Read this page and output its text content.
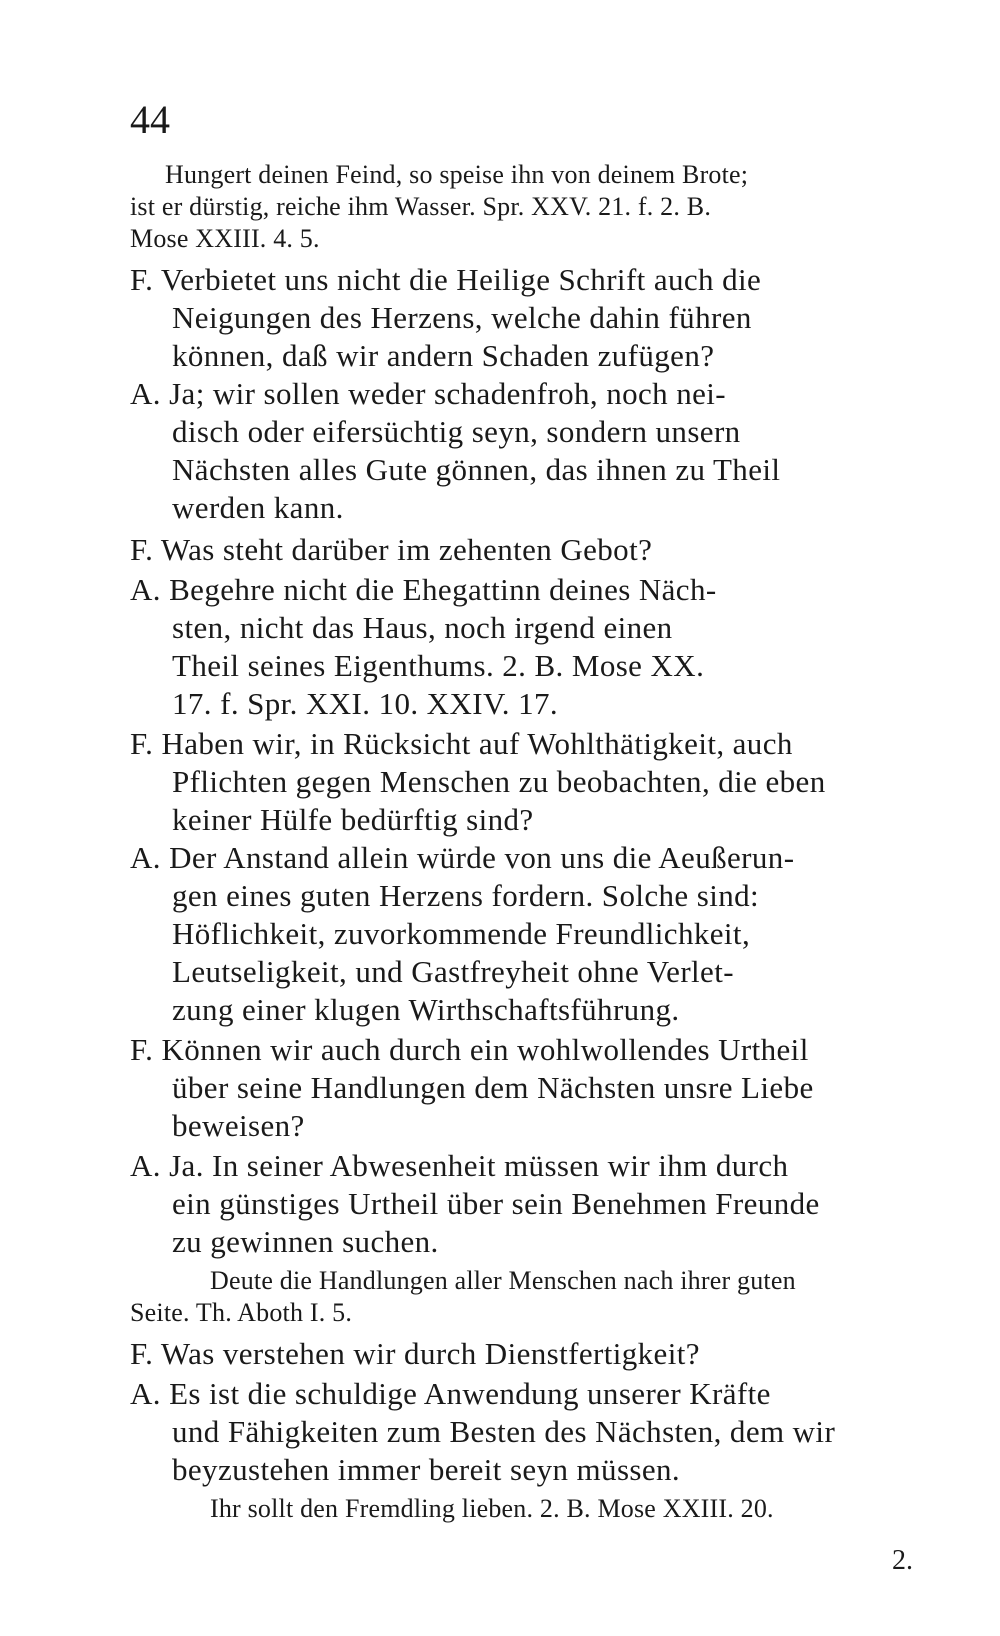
44
Hungert deinen Feind, so speise ihn von deinem Brote;
ist er dürstig, reiche ihm Wasser. Spr. XXV. 21. f. 2. B.
Mose XXIII. 4. 5.
F. Verbietet uns nicht die Heilige Schrift auch die
Neigungen des Herzens, welche dahin führen
können, daß wir andern Schaden zufügen?
A. Ja; wir sollen weder schadenfroh, noch nei-
disch oder eifersüchtig seyn, sondern unsern
Nächsten alles Gute gönnen, das ihnen zu Theil
werden kann.
F. Was steht darüber im zehenten Gebot?
A. Begehre nicht die Ehegattinn deines Näch-
sten, nicht das Haus, noch irgend einen
Theil seines Eigenthums. 2. B. Mose XX.
17. f. Spr. XXI. 10. XXIV. 17.
F. Haben wir, in Rücksicht auf Wohlthätigkeit, auch
Pflichten gegen Menschen zu beobachten, die eben
keiner Hülfe bedürftig sind?
A. Der Anstand allein würde von uns die Aeußerun-
gen eines guten Herzens fordern. Solche sind:
Höflichkeit, zuvorkommende Freundlichkeit,
Leutseligkeit, und Gastfreyheit ohne Verlet-
zung einer klugen Wirthschaftsführung.
F. Können wir auch durch ein wohlwollendes Urtheil
über seine Handlungen dem Nächsten unsre Liebe
beweisen?
A. Ja. In seiner Abwesenheit müssen wir ihm durch
ein günstiges Urtheil über sein Benehmen Freunde
zu gewinnen suchen.
Deute die Handlungen aller Menschen nach ihrer guten
Seite. Th. Aboth I. 5.
F. Was verstehen wir durch Dienstfertigkeit?
A. Es ist die schuldige Anwendung unserer Kräfte
und Fähigkeiten zum Besten des Nächsten, dem wir
beyzustehen immer bereit seyn müssen.
Ihr sollt den Fremdling lieben. 2. B. Mose XXIII. 20.
2.
